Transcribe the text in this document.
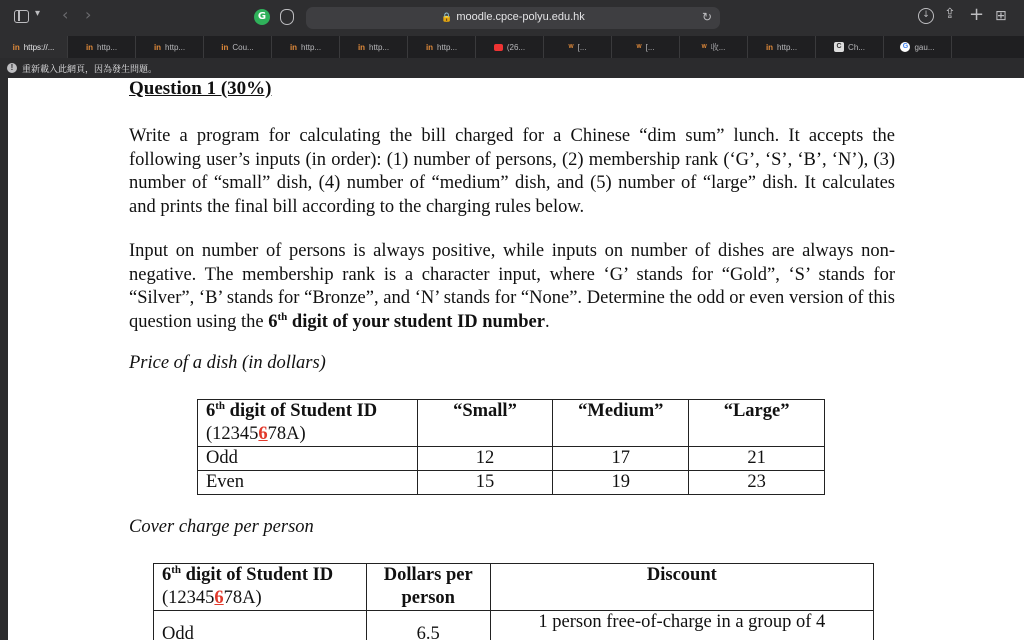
▾ ‹ ›	G	🔒 moodle.cpce-polyu.edu.hk	↻	↓	⇪ + ⊞
in https://...	in http...	in http...	in Cou...	in http...	in http...	in http...	(26...	ᵂ [...	ᵂ [...	ᵂ 收...	in http...	C Ch...	G gau...
! 重新載入此網頁，因為發生問題。
Question 1 (30%)
Write a program for calculating the bill charged for a Chinese “dim sum” lunch. It accepts the following user’s inputs (in order): (1) number of persons, (2) membership rank (‘G’, ‘S’, ‘B’, ‘N’), (3) number of “small” dish, (4) number of “medium” dish, and (5) number of “large” dish. It calculates and prints the final bill according to the charging rules below.
Input on number of persons is always positive, while inputs on number of dishes are always non-negative. The membership rank is a character input, where ‘G’ stands for “Gold”, ‘S’ stands for “Silver”, ‘B’ stands for “Bronze”, and ‘N’ stands for “None”. Determine the odd or even version of this question using the 6th digit of your student ID number.
Price of a dish (in dollars)
6th digit of Student ID
(12345678A)	“Small”	“Medium”	“Large”
Odd	12	17	21
Even	15	19	23
Cover charge per person
6th digit of Student ID
(12345678A)	Dollars per person	Discount
Odd	6.5	1 person free-of-charge in a group of 4
